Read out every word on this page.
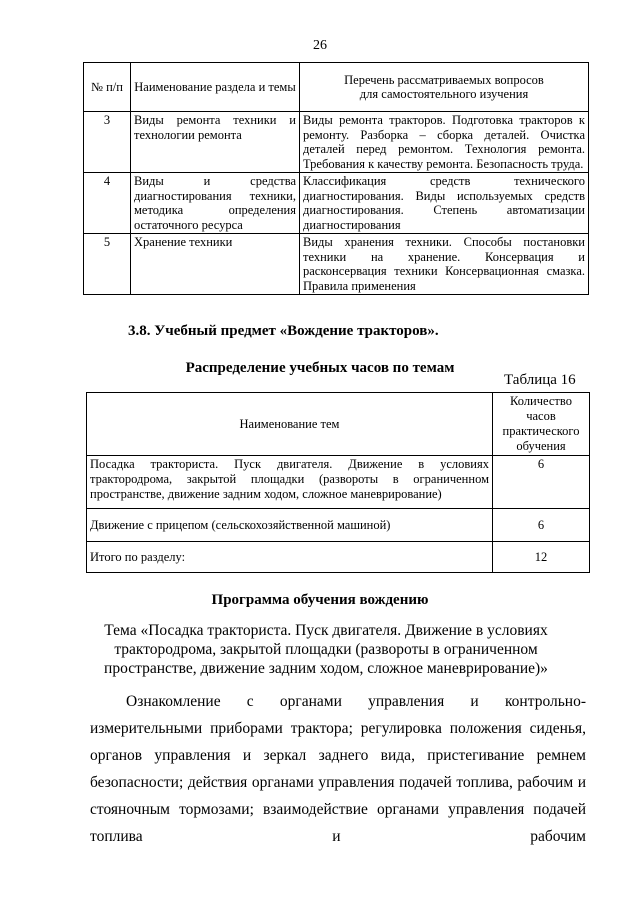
26
№ п/п	Наименование раздела и темы	Перечень рассматриваемых вопросов для самостоятельного изучения
3	Виды ремонта техники и технологии ремонта	Виды ремонта тракторов. Подготовка тракторов к ремонту. Разборка – сборка деталей. Очистка деталей перед ремонтом. Технология ремонта. Требования к качеству ремонта. Безопасность труда.
4	Виды и средства диагностирования техники, методика определения остаточного ресурса	Классификация средств технического диагностирования. Виды используемых средств диагностирования. Степень автоматизации диагностирования
5	Хранение техники	Виды хранения техники. Способы постановки техники на хранение. Консервация и расконсервация техники Консервационная смазка. Правила применения
3.8. Учебный предмет «Вождение тракторов».
Распределение учебных часов по темам
Таблица 16
Наименование тем	Количество часов практического обучения
Посадка тракториста. Пуск двигателя. Движение в условиях трактородрома, закрытой площадки (развороты в ограниченном пространстве, движение задним ходом, сложное маневрирование)	6
Движение с прицепом (сельскохозяйственной машиной)	6
Итого по разделу:	12
Программа обучения вождению
Тема «Посадка тракториста. Пуск двигателя. Движение в условиях трактородрома, закрытой площадки (развороты в ограниченном пространстве, движение задним ходом, сложное маневрирование)»

Ознакомление с органами управления и контрольно-измерительными приборами трактора; регулировка положения сиденья, органов управления и зеркал заднего вида, пристегивание ремнем безопасности; действия органами управления подачей топлива, рабочим и стояночным тормозами; взаимодействие органами управления подачей топлива и рабочим
